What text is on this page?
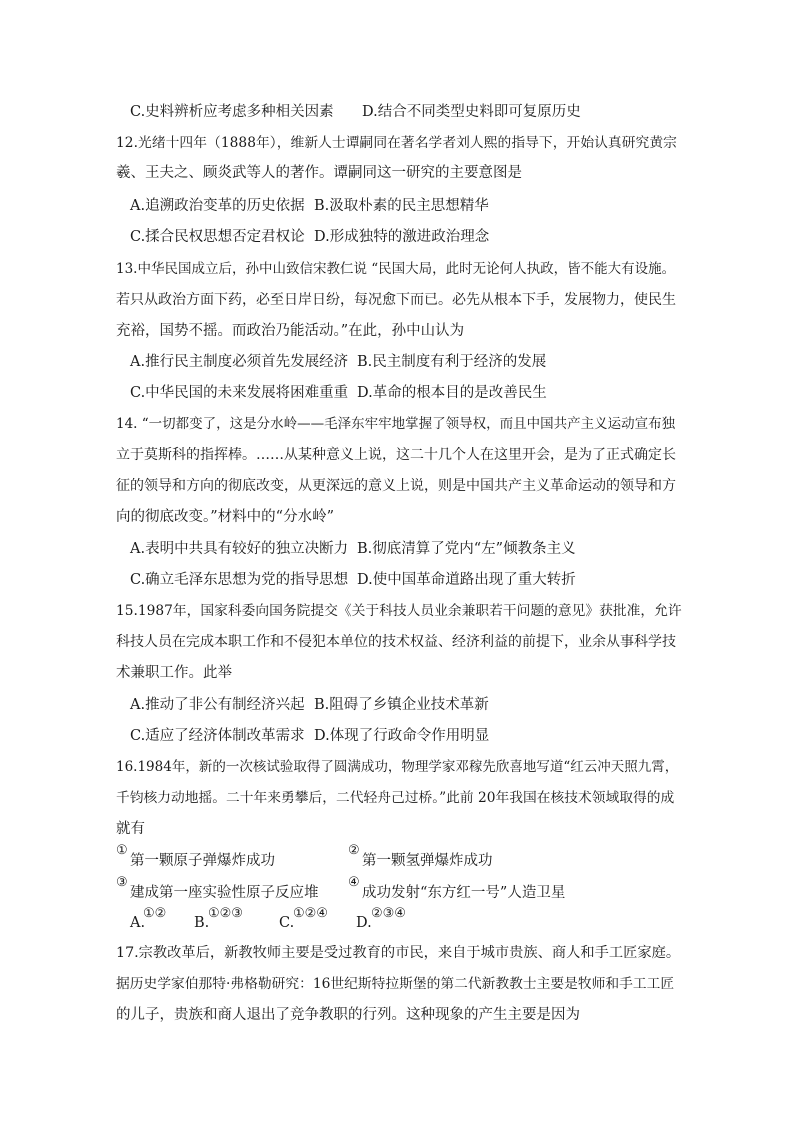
C.史料辨析应考虑多种相关因素 D.结合不同类型史料即可复原历史
12.光绪十四年（1888年），维新人士谭嗣同在著名学者刘人熙的指导下，开始认真研究黄宗
羲、王夫之、顾炎武等人的著作。谭嗣同这一研究的主要意图是
A.追溯政治变革的历史依据 B.汲取朴素的民主思想精华
C.揉合民权思想否定君权论 D.形成独特的激进政治理念
13.中华民国成立后，孙中山致信宋教仁说 “民国大局，此时无论何人执政，皆不能大有设施。
若只从政治方面下药，必至日岸日纷，每况愈下而已。必先从根本下手，发展物力，使民生
充裕，国势不摇。而政治乃能活动。”在此，孙中山认为
A.推行民主制度必须首先发展经济 B.民主制度有利于经济的发展
C.中华民国的未来发展将困难重重 D.革命的根本目的是改善民生
14. “一切都变了，这是分水岭——毛泽东牢牢地掌握了领导权，而且中国共产主义运动宣布独
立于莫斯科的指挥棒。……从某种意义上说，这二十几个人在这里开会，是为了正式确定长
征的领导和方向的彻底改变，从更深远的意义上说，则是中国共产主义革命运动的领导和方
向的彻底改变。”材料中的“分水岭”
A.表明中共具有较好的独立决断力 B.彻底清算了党内“左”倾教条主义
C.确立毛泽东思想为党的指导思想 D.使中国革命道路出现了重大转折
15.1987年，国家科委向国务院提交《关于科技人员业余兼职若干问题的意见》获批准，允许
科技人员在完成本职工作和不侵犯本单位的技术权益、经济利益的前提下，业余从事科学技
术兼职工作。此举
A.推动了非公有制经济兴起 B.阻碍了乡镇企业技术革新
C.适应了经济体制改革需求 D.体现了行政命令作用明显
16.1984年，新的一次核试验取得了圆满成功，物理学家邓稼先欣喜地写道“红云冲天照九霄，
千钧核力动地摇。二十年来勇攀后，二代轻舟己过桥。”此前 20年我国在核技术领域取得的成
就有
①
第一颗原子弹爆炸成功
②
第一颗氢弹爆炸成功
③
建成第一座实验性原子反应堆
④
成功发射“东方红一号”人造卫星
A.
①②
B.
①②③
C.
①②④
D.
②③④
17.宗教改革后，新教牧师主要是受过教育的市民，来自于城市贵族、商人和手工匠家庭。
据历史学家伯那特·弗格勒研究：16世纪斯特拉斯堡的第二代新教教士主要是牧师和手工工匠
的儿子，贵族和商人退出了竞争教职的行列。这种现象的产生主要是因为
